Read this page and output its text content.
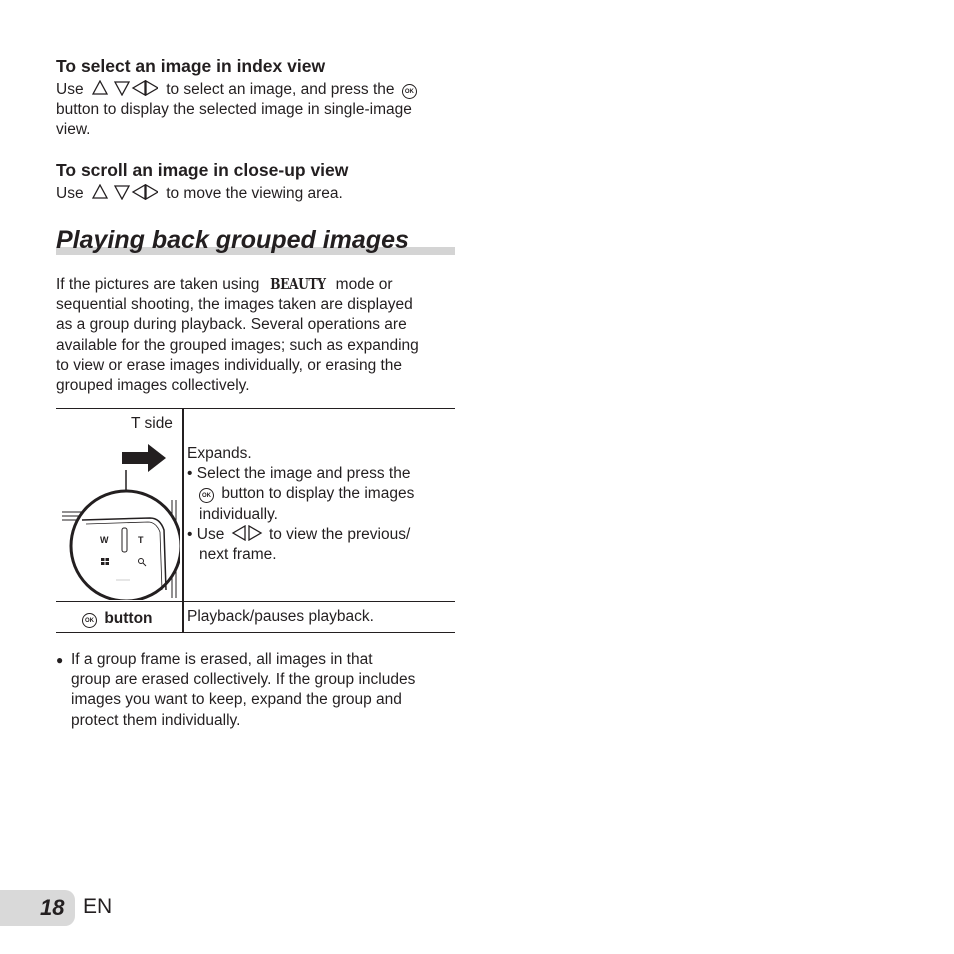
To select an image in index view
Use	to select an image, and press the OK
button to display the selected image in single-image
view.
To scroll an image in close-up view
Use	to move the viewing area.
Playing back grouped images
If the pictures are taken using BEAUTY mode or
sequential shooting, the images taken are displayed
as a group during playback. Several operations are
available for the grouped images; such as expanding
to view or erase images individually, or erasing the
grouped images collectively.
T side
W	T
Expands.
• Select the image and press the
OK button to display the images
individually.
• Use	to view the previous/
next frame.
OK button Playback/pauses playback.
● If a group frame is erased, all images in that
group are erased collectively. If the group includes
images you want to keep, expand the group and
protect them individually.
18 EN
